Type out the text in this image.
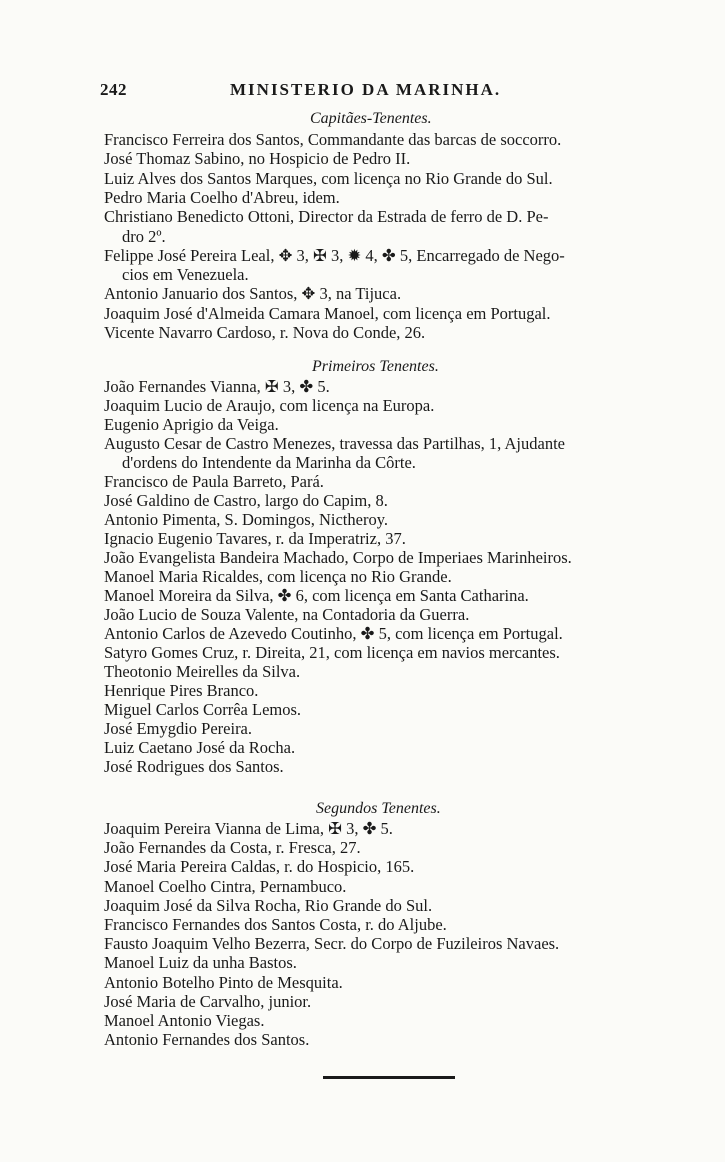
242	MINISTERIO DA MARINHA.
Capitães-Tenentes.
Francisco Ferreira dos Santos, Commandante das barcas de soccorro.
José Thomaz Sabino, no Hospicio de Pedro II.
Luiz Alves dos Santos Marques, com licença no Rio Grande do Sul.
Pedro Maria Coelho d'Abreu, idem.
Christiano Benedicto Ottoni, Director da Estrada de ferro de D. Pe-
dro 2º.
Felippe José Pereira Leal, ✥ 3, ✠ 3, ✹ 4, ✤ 5, Encarregado de Nego-
cios em Venezuela.
Antonio Januario dos Santos, ✥ 3, na Tijuca.
Joaquim José d'Almeida Camara Manoel, com licença em Portugal.
Vicente Navarro Cardoso, r. Nova do Conde, 26.
Primeiros Tenentes.
João Fernandes Vianna, ✠ 3, ✤ 5.
Joaquim Lucio de Araujo, com licença na Europa.
Eugenio Aprigio da Veiga.
Augusto Cesar de Castro Menezes, travessa das Partilhas, 1, Ajudante
d'ordens do Intendente da Marinha da Côrte.
Francisco de Paula Barreto, Pará.
José Galdino de Castro, largo do Capim, 8.
Antonio Pimenta, S. Domingos, Nictheroy.
Ignacio Eugenio Tavares, r. da Imperatriz, 37.
João Evangelista Bandeira Machado, Corpo de Imperiaes Marinheiros.
Manoel Maria Ricaldes, com licença no Rio Grande.
Manoel Moreira da Silva, ✤ 6, com licença em Santa Catharina.
João Lucio de Souza Valente, na Contadoria da Guerra.
Antonio Carlos de Azevedo Coutinho, ✤ 5, com licença em Portugal.
Satyro Gomes Cruz, r. Direita, 21, com licença em navios mercantes.
Theotonio Meirelles da Silva.
Henrique Pires Branco.
Miguel Carlos Corrêa Lemos.
José Emygdio Pereira.
Luiz Caetano José da Rocha.
José Rodrigues dos Santos.
Segundos Tenentes.
Joaquim Pereira Vianna de Lima, ✠ 3, ✤ 5.
João Fernandes da Costa, r. Fresca, 27.
José Maria Pereira Caldas, r. do Hospicio, 165.
Manoel Coelho Cintra, Pernambuco.
Joaquim José da Silva Rocha, Rio Grande do Sul.
Francisco Fernandes dos Santos Costa, r. do Aljube.
Fausto Joaquim Velho Bezerra, Secr. do Corpo de Fuzileiros Navaes.
Manoel Luiz da unha Bastos.
Antonio Botelho Pinto de Mesquita.
José Maria de Carvalho, junior.
Manoel Antonio Viegas.
Antonio Fernandes dos Santos.
